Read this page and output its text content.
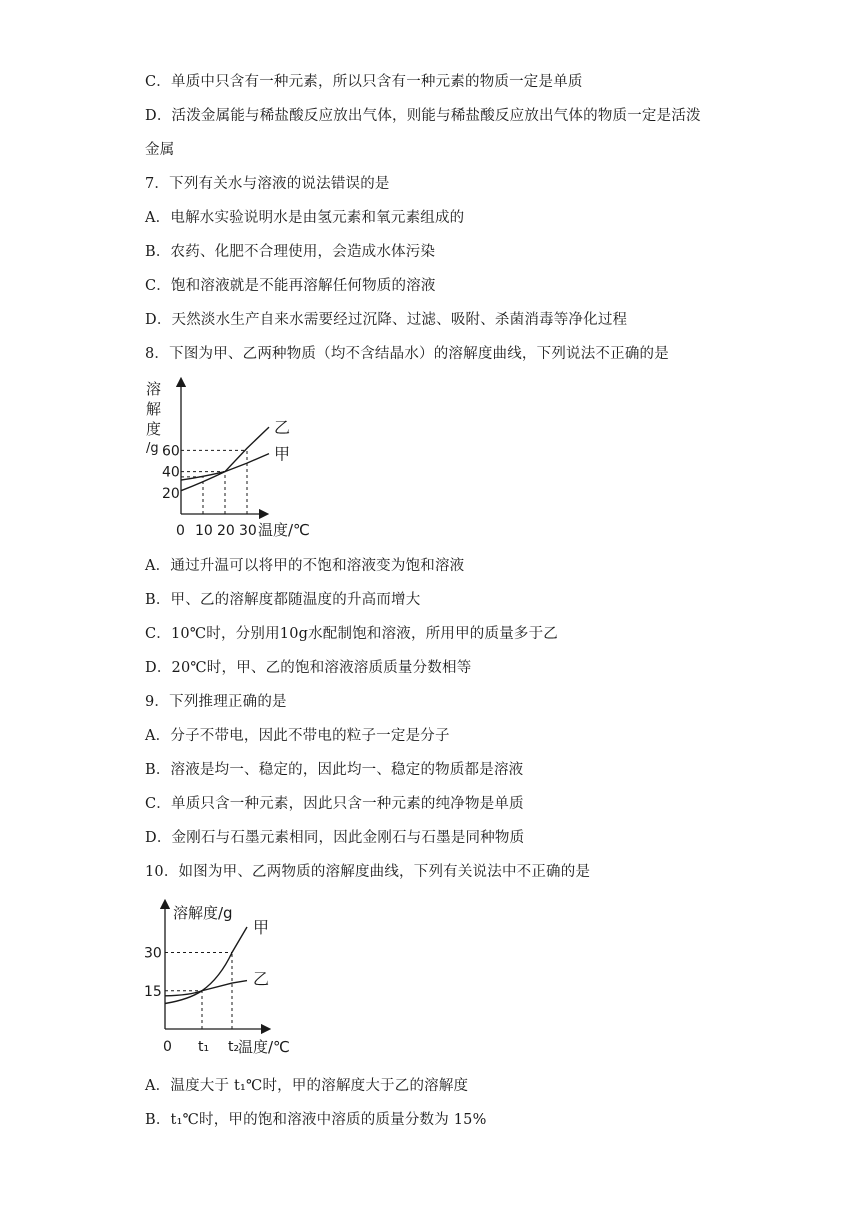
C．单质中只含有一种元素，所以只含有一种元素的物质一定是单质
D．活泼金属能与稀盐酸反应放出气体，则能与稀盐酸反应放出气体的物质一定是活泼
金属
7．下列有关水与溶液的说法错误的是
A．电解水实验说明水是由氢元素和氧元素组成的
B．农药、化肥不合理使用，会造成水体污染
C．饱和溶液就是不能再溶解任何物质的溶液
D．天然淡水生产自来水需要经过沉降、过滤、吸附、杀菌消毒等净化过程
8．下图为甲、乙两种物质（均不含结晶水）的溶解度曲线，下列说法不正确的是
溶
解
度
/g
0 10 20 30
20
40
60	甲
乙
温度/℃
A．通过升温可以将甲的不饱和溶液变为饱和溶液
B．甲、乙的溶解度都随温度的升高而增大
C．10℃时，分别用10g水配制饱和溶液，所用甲的质量多于乙
D．20℃时，甲、乙的饱和溶液溶质质量分数相等
9．下列推理正确的是
A．分子不带电，因此不带电的粒子一定是分子
B．溶液是均一、稳定的，因此均一、稳定的物质都是溶液
C．单质只含一种元素，因此只含一种元素的纯净物是单质
D．金刚石与石墨元素相同，因此金刚石与石墨是同种物质
10．如图为甲、乙两物质的溶解度曲线，下列有关说法中不正确的是
溶解度/g
0 t₁ t₂
15
30
甲
乙
温度/℃
A．温度大于 t₁℃时，甲的溶解度大于乙的溶解度
B．t₁℃时，甲的饱和溶液中溶质的质量分数为 15%
